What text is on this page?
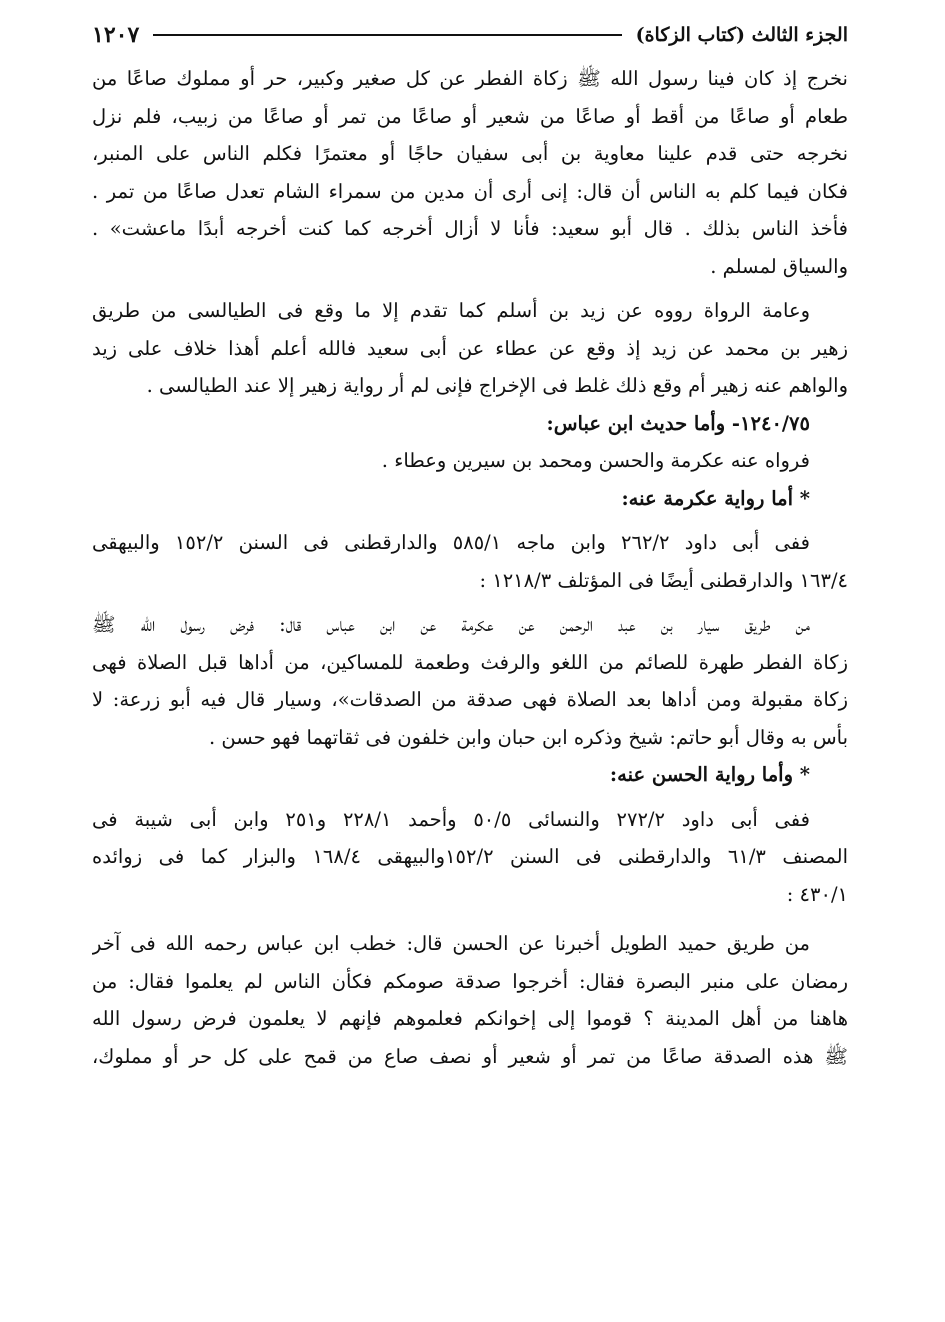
الجزء الثالث (كتاب الزكاة)
١٢٠٧
نخرج إذ كان فينا رسول الله ﷺ زكاة الفطر عن كل صغير وكبير، حر أو مملوك صاعًا من
طعام أو صاعًا من أقط أو صاعًا من شعير أو صاعًا من تمر أو صاعًا من زبيب، فلم نزل
نخرجه حتى قدم علينا معاوية بن أبى سفيان حاجًا أو معتمرًا فكلم الناس على المنبر،
فكان فيما كلم به الناس أن قال: إنى أرى أن مدين من سمراء الشام تعدل صاعًا من تمر .
فأخذ الناس بذلك . قال أبو سعيد: فأنا لا أزال أخرجه كما كنت أخرجه أبدًا ماعشت» .
والسياق لمسلم .
وعامة الرواة رووه عن زيد بن أسلم كما تقدم إلا ما وقع فى الطيالسى من طريق
زهير بن محمد عن زيد إذ وقع عن عطاء عن أبى سعيد فالله أعلم أهذا خلاف على زيد
والواهم عنه زهير أم وقع ذلك غلط فى الإخراج فإنى لم أر رواية زهير إلا عند الطيالسى .
١٢٤٠/٧٥- وأما حديث ابن عباس:
فرواه عنه عكرمة والحسن ومحمد بن سيرين وعطاء .
* أما رواية عكرمة عنه:
ففى أبى داود ٢٦٢/٢ وابن ماجه ٥٨٥/١ والدارقطنى فى السنن ١٥٢/٢ والبيهقى
١٦٣/٤ والدارقطنى أيضًا فى المؤتلف ١٢١٨/٣ :
من طريق سيار بن عبد الرحمن عن عكرمة عن ابن عباس قال: فرض رسول الله ﷺ
زكاة الفطر طهرة للصائم من اللغو والرفث وطعمة للمساكين، من أداها قبل الصلاة فهى
زكاة مقبولة ومن أداها بعد الصلاة فهى صدقة من الصدقات»، وسيار قال فيه أبو زرعة: لا
بأس به وقال أبو حاتم: شيخ وذكره ابن حبان وابن خلفون فى ثقاتهما فهو حسن .
* وأما رواية الحسن عنه:
ففى أبى داود ٢٧٢/٢ والنسائى ٥٠/٥ وأحمد ٢٢٨/١ و٢٥١ وابن أبى شيبة فى
المصنف ٦١/٣ والدارقطنى فى السنن ١٥٢/٢والبيهقى ١٦٨/٤ والبزار كما فى زوائده
٤٣٠/١ :
من طريق حميد الطويل أخبرنا عن الحسن قال: خطب ابن عباس رحمه الله فى آخر
رمضان على منبر البصرة فقال: أخرجوا صدقة صومكم فكأن الناس لم يعلموا فقال: من
هاهنا من أهل المدينة ؟ قوموا إلى إخوانكم فعلموهم فإنهم لا يعلمون فرض رسول الله
ﷺ هذه الصدقة صاعًا من تمر أو شعير أو نصف صاع من قمح على كل حر أو مملوك،
